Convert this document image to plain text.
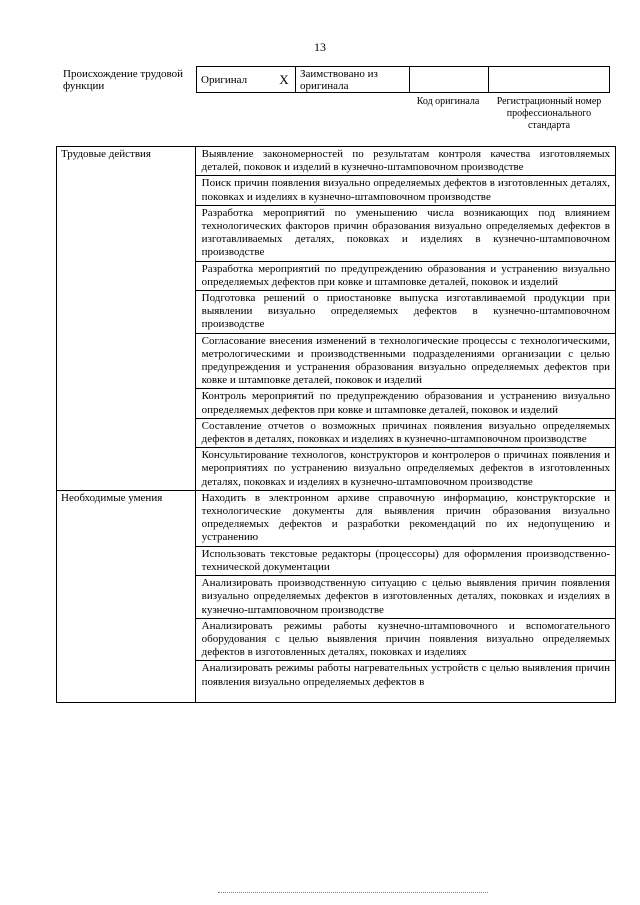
13
Происхождение трудовой функции
Оригинал	X	Заимствовано из оригинала		
Код оригинала	Регистрационный номер профессионального стандарта
Трудовые действия	Выявление закономерностей по результатам контроля качества изготовляемых деталей, поковок и изделий в кузнечно-штамповочном производстве
	Поиск причин появления визуально определяемых дефектов в изготовленных деталях, поковках и изделиях в кузнечно-штамповочном производстве
	Разработка мероприятий по уменьшению числа возникающих под влиянием технологических факторов причин образования визуально определяемых дефектов в изготавливаемых деталях, поковках и изделиях в кузнечно-штамповочном производстве
	Разработка мероприятий по предупреждению образования и устранению визуально определяемых дефектов при ковке и штамповке деталей, поковок и изделий
	Подготовка решений о приостановке выпуска изготавливаемой продукции при выявлении визуально определяемых дефектов в кузнечно-штамповочном производстве
	Согласование внесения изменений в технологические процессы с технологическими, метрологическими и производственными подразделениями организации с целью предупреждения и устранения образования визуально определяемых дефектов при ковке и штамповке деталей, поковок и изделий
	Контроль мероприятий по предупреждению образования и устранению визуально определяемых дефектов при ковке и штамповке деталей, поковок и изделий
	Составление отчетов о возможных причинах появления визуально определяемых дефектов в деталях, поковках и изделиях в кузнечно-штамповочном производстве
	Консультирование технологов, конструкторов и контролеров о причинах появления и мероприятиях по устранению визуально определяемых дефектов в изготовленных деталях, поковках и изделиях в кузнечно-штамповочном производстве
Необходимые умения	Находить в электронном архиве справочную информацию, конструкторские и технологические документы для выявления причин образования визуально определяемых дефектов и разработки рекомендаций по их недопущению и устранению
	Использовать текстовые редакторы (процессоры) для оформления производственно-технической документации
	Анализировать производственную ситуацию с целью выявления причин появления визуально определяемых дефектов в изготовленных деталях, поковках и изделиях в кузнечно-штамповочном производстве
	Анализировать режимы работы кузнечно-штамповочного и вспомогательного оборудования с целью выявления причин появления визуально определяемых дефектов в изготовленных деталях, поковках и изделиях

	Анализировать режимы работы нагревательных устройств с целью выявления причин появления визуально определяемых дефектов в
